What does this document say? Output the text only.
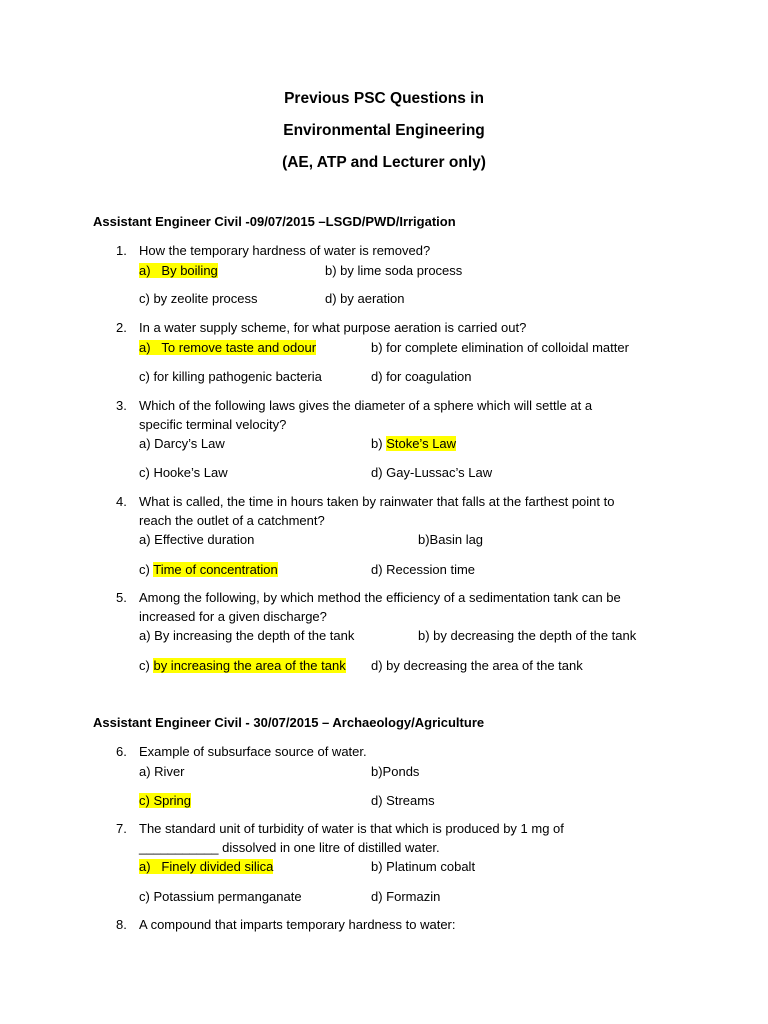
Previous PSC Questions in
Environmental Engineering
(AE, ATP and Lecturer only)
Assistant Engineer Civil -09/07/2015 –LSGD/PWD/Irrigation
1. How the temporary hardness of water is removed?
a) By boiling	b) by lime soda process
c) by zeolite process	d) by aeration
2. In a water supply scheme, for what purpose aeration is carried out?
a) To remove taste and odour	b) for complete elimination of colloidal matter
c) for killing pathogenic bacteria	d) for coagulation
3. Which of the following laws gives the diameter of a sphere which will settle at a
specific terminal velocity?
a) Darcy’s Law	b) Stoke’s Law
c) Hooke’s Law	d) Gay-Lussac’s Law
4. What is called, the time in hours taken by rainwater that falls at the farthest point to
reach the outlet of a catchment?
a) Effective duration	b)Basin lag
c) Time of concentration	d) Recession time
5. Among the following, by which method the efficiency of a sedimentation tank can be
increased for a given discharge?
a) By increasing the depth of the tank	b) by decreasing the depth of the tank
c) by increasing the area of the tank d) by decreasing the area of the tank
Assistant Engineer Civil - 30/07/2015 – Archaeology/Agriculture
6. Example of subsurface source of water.
a) River	b)Ponds
c) Spring	d) Streams
7. The standard unit of turbidity of water is that which is produced by 1 mg of
___________ dissolved in one litre of distilled water.
a) Finely divided silica	b) Platinum cobalt
c) Potassium permanganate	d) Formazin
8. A compound that imparts temporary hardness to water:
